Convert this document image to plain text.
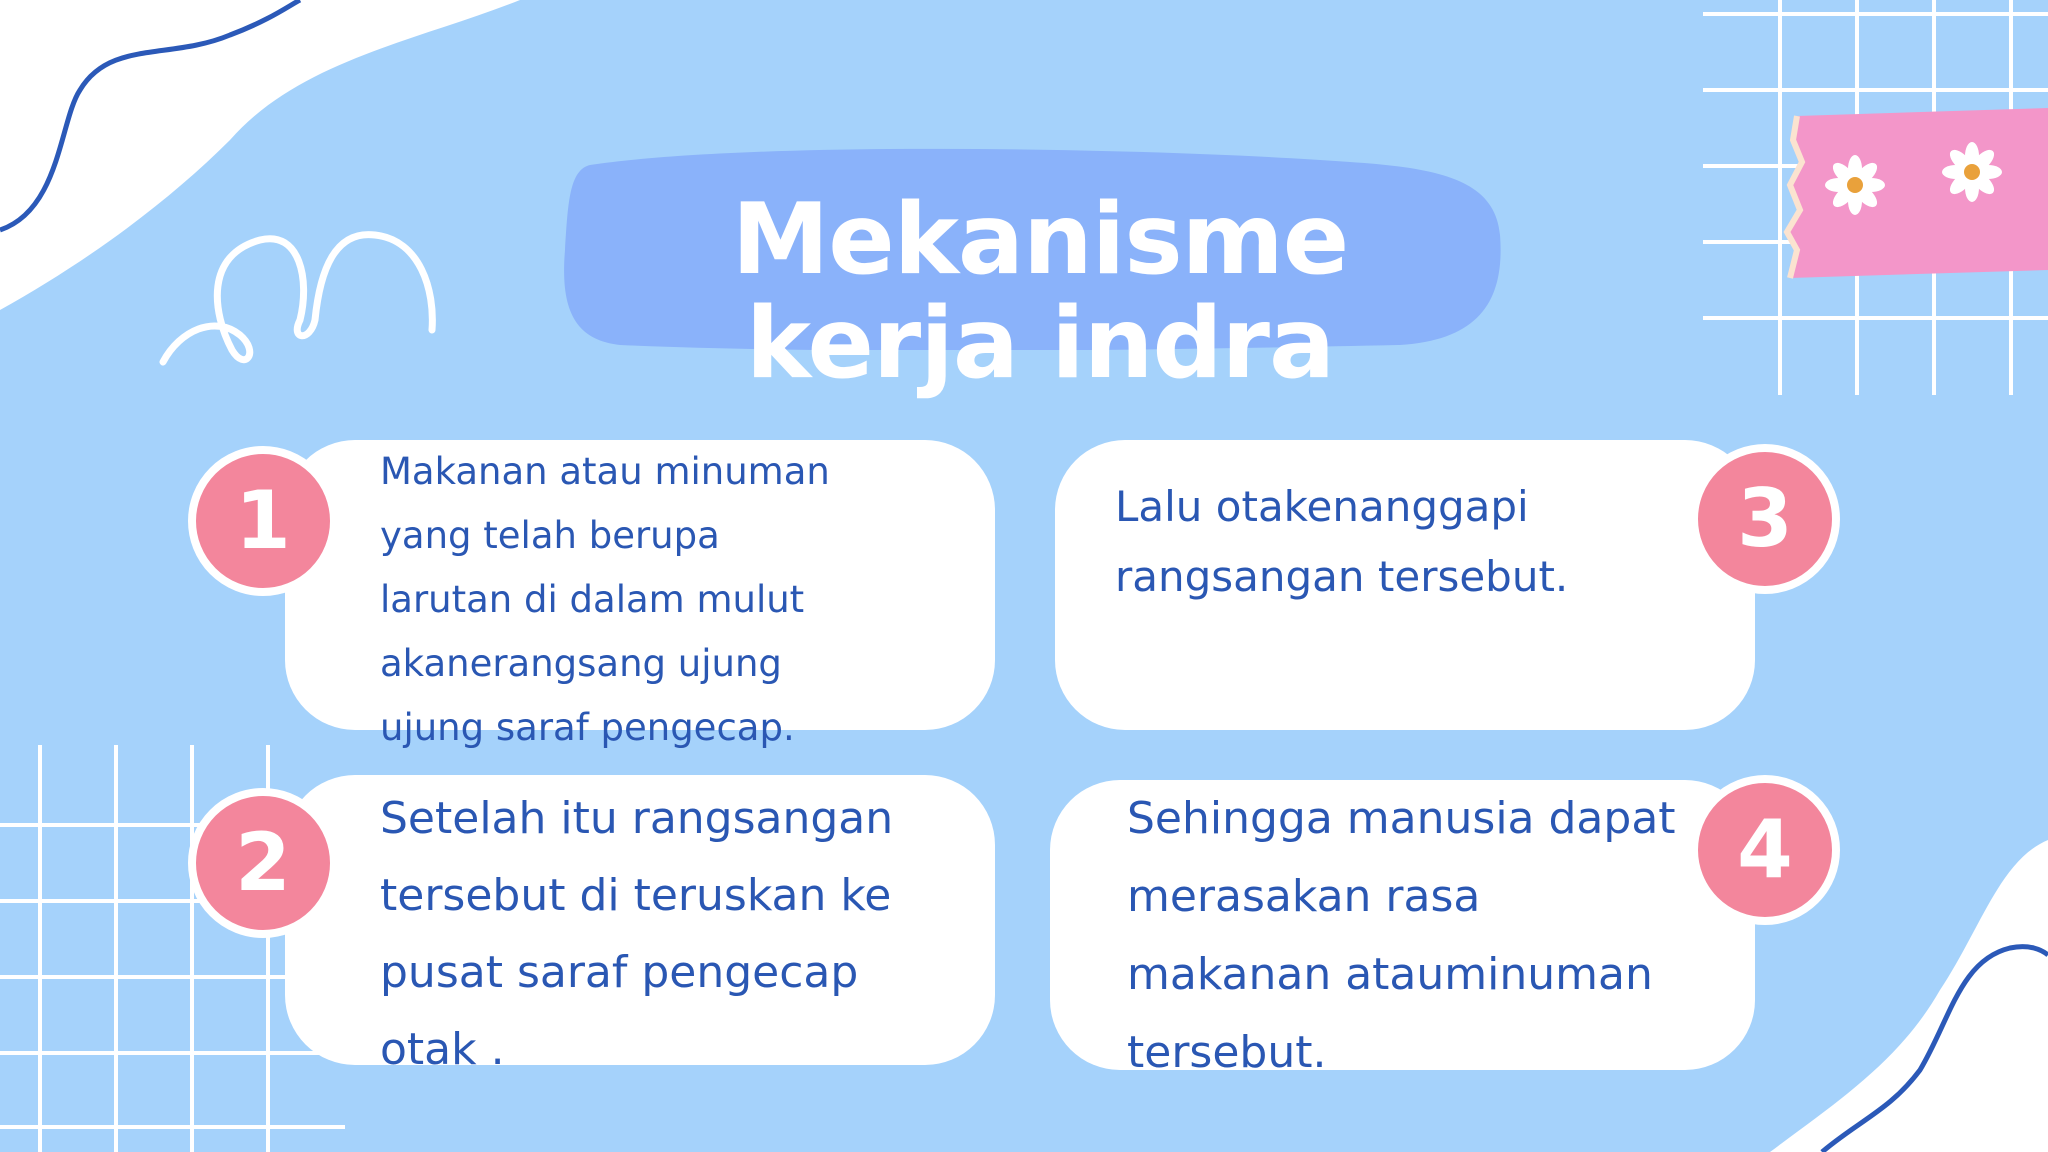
Mekanisme
kerja indra
Makanan atau minuman
yang telah berupa
larutan di dalam mulut
akanerangsang ujung
ujung saraf pengecap.
1
Setelah itu rangsangan
tersebut di teruskan ke
pusat saraf pengecap
otak .
2
Lalu otakenanggapi
rangsangan tersebut.
3
Sehingga manusia dapat
merasakan rasa
makanan atauminuman
tersebut.
4
